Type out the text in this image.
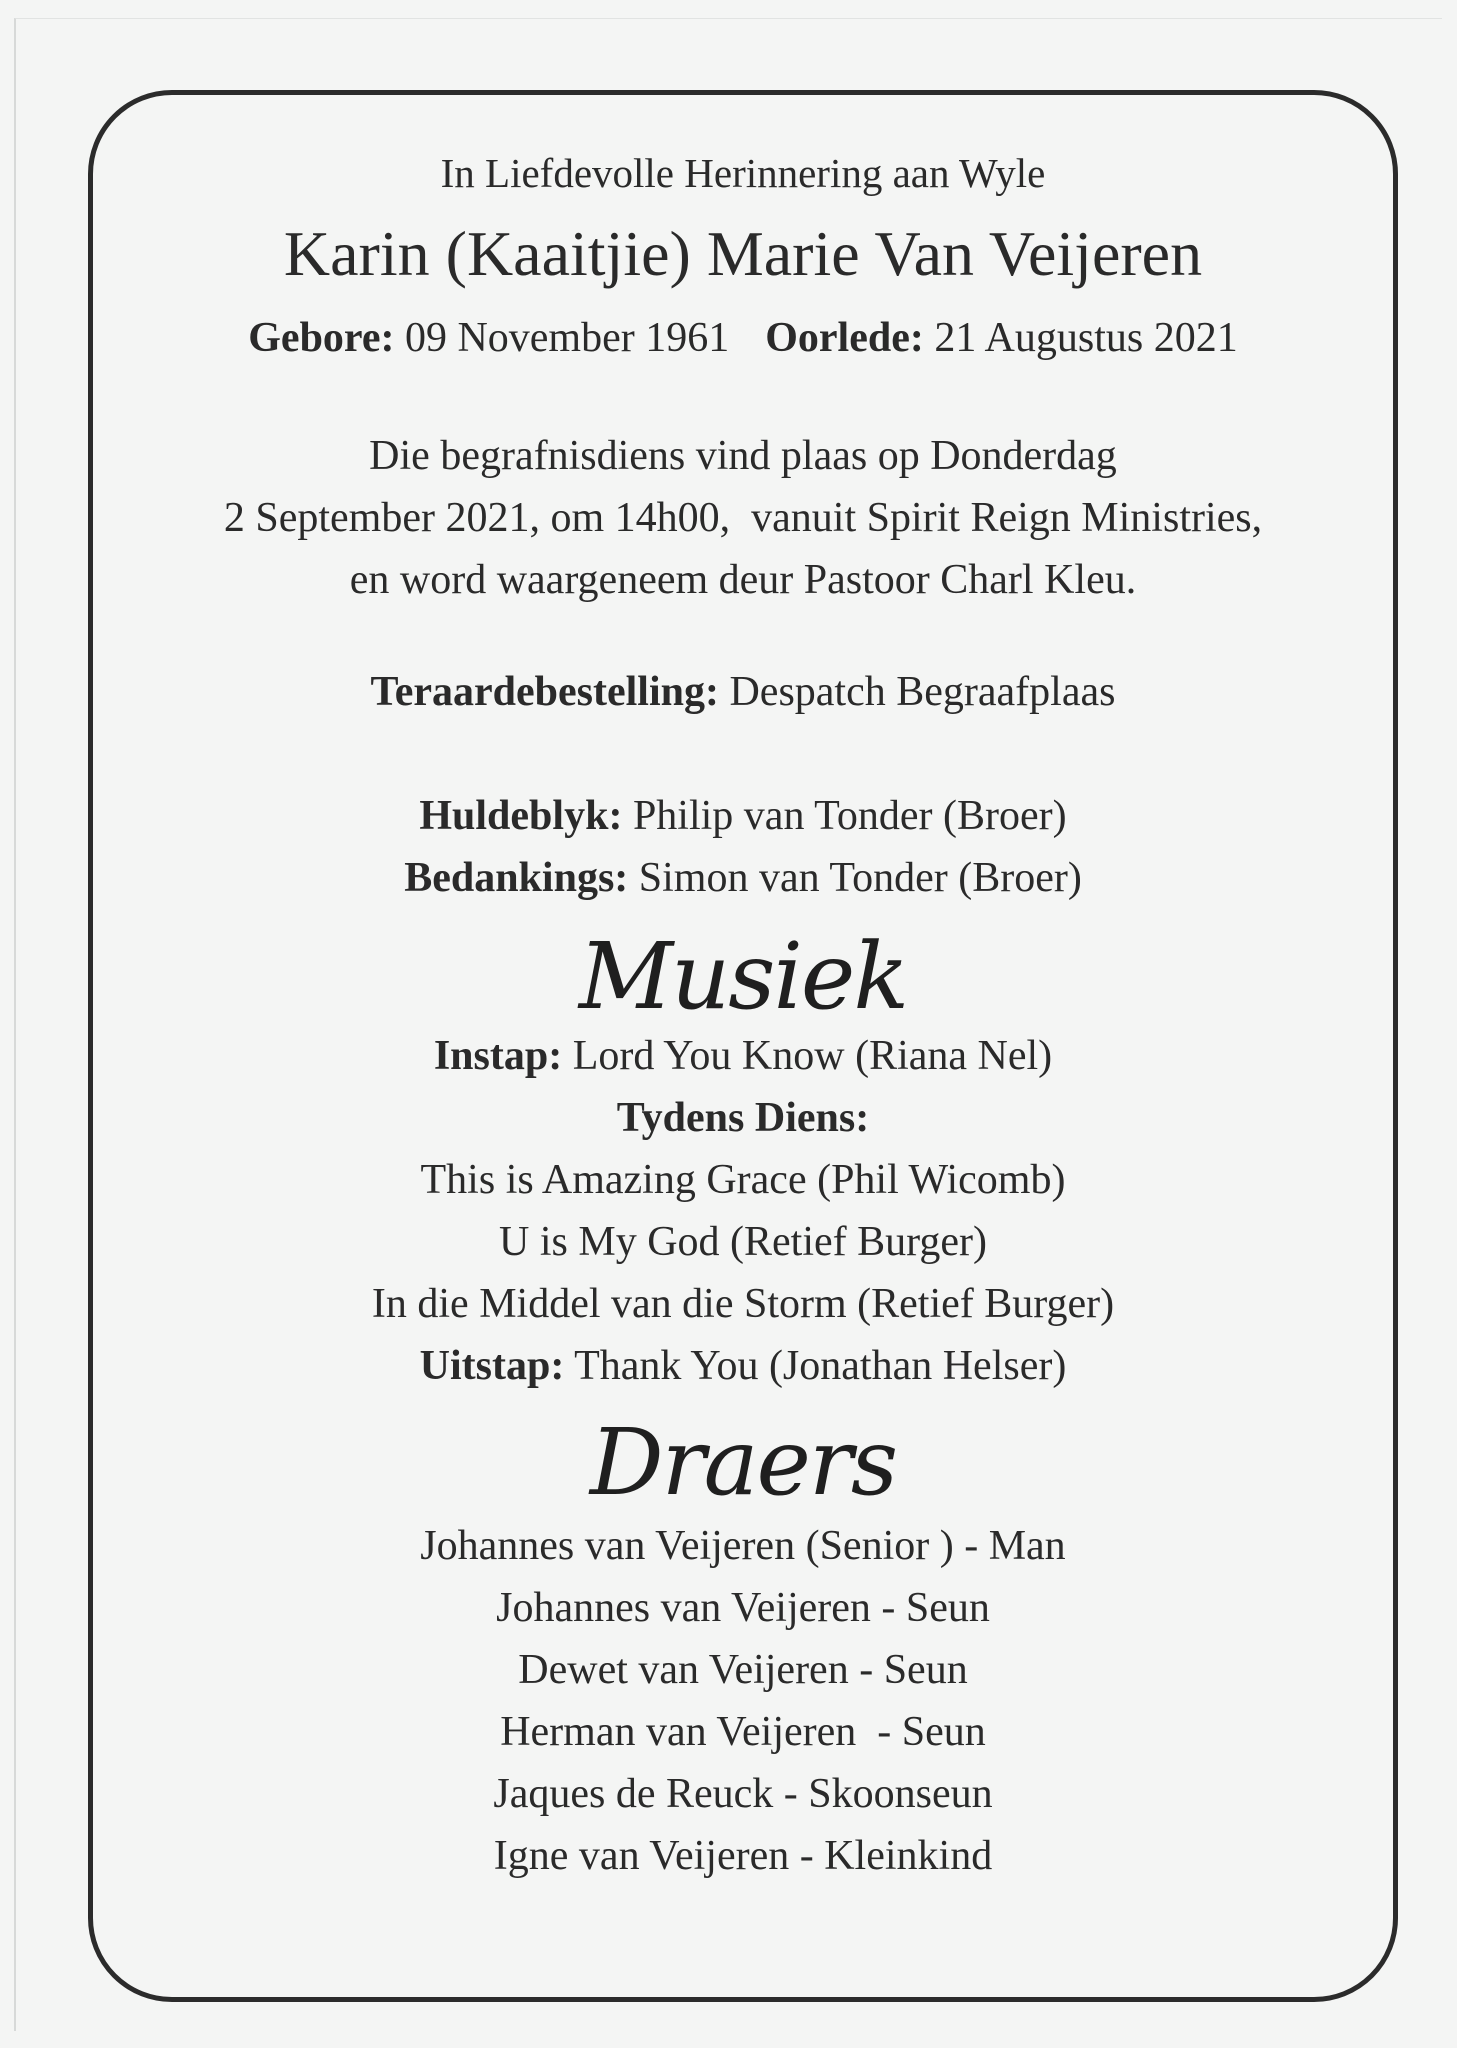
In Liefdevolle Herinnering aan Wyle
Karin (Kaaitjie) Marie Van Veijeren
Gebore: 09 November 1961 Oorlede: 21 Augustus 2021
Die begrafnisdiens vind plaas op Donderdag
2 September 2021, om 14h00,  vanuit Spirit Reign Ministries,
en word waargeneem deur Pastoor Charl Kleu.
Teraardebestelling: Despatch Begraafplaas
Huldeblyk: Philip van Tonder (Broer)
Bedankings: Simon van Tonder (Broer)
Musiek
Instap: Lord You Know (Riana Nel)
Tydens Diens:
This is Amazing Grace (Phil Wicomb)
U is My God (Retief Burger)
In die Middel van die Storm (Retief Burger)
Uitstap: Thank You (Jonathan Helser)
Draers
Johannes van Veijeren (Senior ) - Man
Johannes van Veijeren - Seun
Dewet van Veijeren - Seun
Herman van Veijeren  - Seun
Jaques de Reuck - Skoonseun
Igne van Veijeren - Kleinkind
